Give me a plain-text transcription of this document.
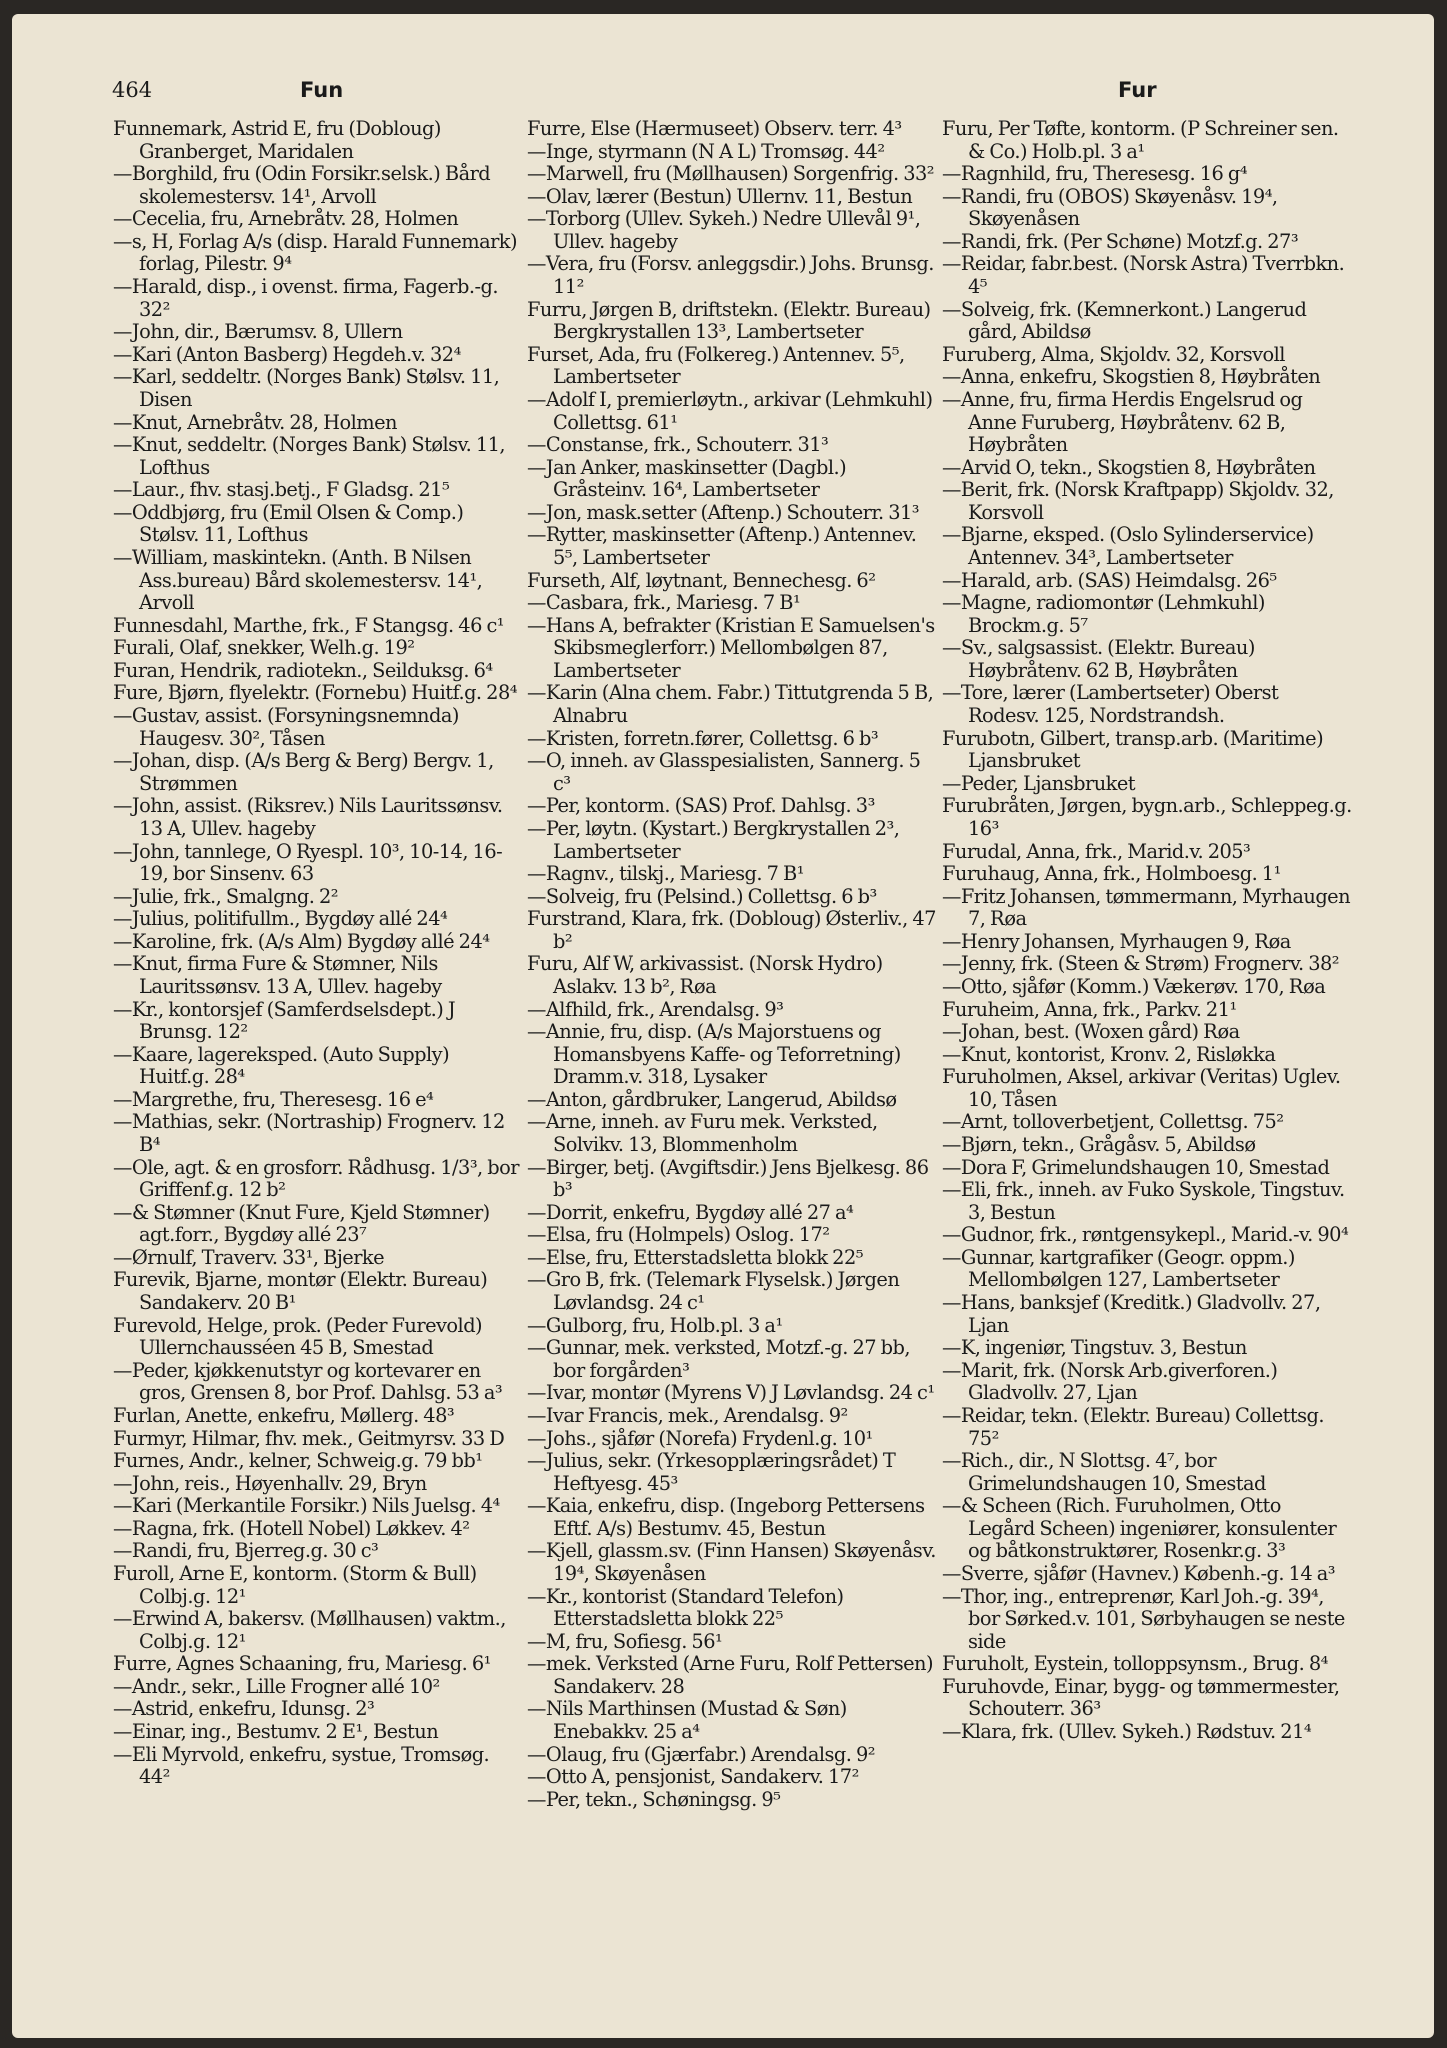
464	Fun	Fur
Funnemark, Astrid E, fru (Dobloug) Granberget, Maridalen
—Borghild, fru (Odin Forsikr.selsk.) Bård skolemestersv. 14¹, Arvoll
—Cecelia, fru, Arnebråtv. 28, Holmen
—s, H, Forlag A/s (disp. Harald Funnemark) forlag, Pilestr. 9⁴
—Harald, disp., i ovenst. firma, Fagerb.-g. 32²
—John, dir., Bærumsv. 8, Ullern
—Kari (Anton Basberg) Hegdeh.v. 32⁴
—Karl, seddeltr. (Norges Bank) Stølsv. 11, Disen
—Knut, Arnebråtv. 28, Holmen
—Knut, seddeltr. (Norges Bank) Stølsv. 11, Lofthus
—Laur., fhv. stasj.betj., F Gladsg. 21⁵
—Oddbjørg, fru (Emil Olsen & Comp.) Stølsv. 11, Lofthus
—William, maskintekn. (Anth. B Nilsen Ass.bureau) Bård skolemestersv. 14¹, Arvoll
Funnesdahl, Marthe, frk., F Stangsg. 46 c¹
Furali, Olaf, snekker, Welh.g. 19²
Furan, Hendrik, radiotekn., Seilduksg. 6⁴
Fure, Bjørn, flyelektr. (Fornebu) Huitf.g. 28⁴
—Gustav, assist. (Forsyningsnemnda) Haugesv. 30², Tåsen
—Johan, disp. (A/s Berg & Berg) Bergv. 1, Strømmen
—John, assist. (Riksrev.) Nils Lauritssønsv. 13 A, Ullev. hageby
—John, tannlege, O Ryespl. 10³, 10-14, 16-19, bor Sinsenv. 63
—Julie, frk., Smalgng. 2²
—Julius, politifullm., Bygdøy allé 24⁴
—Karoline, frk. (A/s Alm) Bygdøy allé 24⁴
—Knut, firma Fure & Stømner, Nils Lauritssønsv. 13 A, Ullev. hageby
—Kr., kontorsjef (Samferdselsdept.) J Brunsg. 12²
—Kaare, lagereksped. (Auto Supply) Huitf.g. 28⁴
—Margrethe, fru, Theresesg. 16 e⁴
—Mathias, sekr. (Nortraship) Frognerv. 12 B⁴
—Ole, agt. & en grosforr. Rådhusg. 1/3³, bor Griffenf.g. 12 b²
—& Stømner (Knut Fure, Kjeld Stømner) agt.forr., Bygdøy allé 23⁷
—Ørnulf, Traverv. 33¹, Bjerke
Furevik, Bjarne, montør (Elektr. Bureau) Sandakerv. 20 B¹
Furevold, Helge, prok. (Peder Furevold) Ullernchausséen 45 B, Smestad
—Peder, kjøkkenutstyr og kortevarer en gros, Grensen 8, bor Prof. Dahlsg. 53 a³
Furlan, Anette, enkefru, Møllerg. 48³
Furmyr, Hilmar, fhv. mek., Geitmyrsv. 33 D
Furnes, Andr., kelner, Schweig.g. 79 bb¹
—John, reis., Høyenhallv. 29, Bryn
—Kari (Merkantile Forsikr.) Nils Juelsg. 4⁴
—Ragna, frk. (Hotell Nobel) Løkkev. 4²
—Randi, fru, Bjerreg.g. 30 c³
Furoll, Arne E, kontorm. (Storm & Bull) Colbj.g. 12¹
—Erwind A, bakersv. (Møllhausen) vaktm., Colbj.g. 12¹
Furre, Agnes Schaaning, fru, Mariesg. 6¹
—Andr., sekr., Lille Frogner allé 10²
—Astrid, enkefru, Idunsg. 2³
—Einar, ing., Bestumv. 2 E¹, Bestun
—Eli Myrvold, enkefru, systue, Tromsøg. 44²
Furre, Else (Hærmuseet) Observ. terr. 4³
—Inge, styrmann (N A L) Tromsøg. 44²
—Marwell, fru (Møllhausen) Sorgenfrig. 33²
—Olav, lærer (Bestun) Ullernv. 11, Bestun
—Torborg (Ullev. Sykeh.) Nedre Ullevål 9¹, Ullev. hageby
—Vera, fru (Forsv. anleggsdir.) Johs. Brunsg. 11²
Furru, Jørgen B, driftstekn. (Elektr. Bureau) Bergkrystallen 13³, Lambertseter
Furset, Ada, fru (Folkereg.) Antennev. 5⁵, Lambertseter
—Adolf I, premierløytn., arkivar (Lehmkuhl) Collettsg. 61¹
—Constanse, frk., Schouterr. 31³
—Jan Anker, maskinsetter (Dagbl.) Gråsteinv. 16⁴, Lambertseter
—Jon, mask.setter (Aftenp.) Schouterr. 31³
—Rytter, maskinsetter (Aftenp.) Antennev. 5⁵, Lambertseter
Furseth, Alf, løytnant, Bennechesg. 6²
—Casbara, frk., Mariesg. 7 B¹
—Hans A, befrakter (Kristian E Samuelsen's Skibsmeglerforr.) Mellombølgen 87, Lambertseter
—Karin (Alna chem. Fabr.) Tittutgrenda 5 B, Alnabru
—Kristen, forretn.fører, Collettsg. 6 b³
—O, inneh. av Glasspesialisten, Sannerg. 5 c³
—Per, kontorm. (SAS) Prof. Dahlsg. 3³
—Per, løytn. (Kystart.) Bergkrystallen 2³, Lambertseter
—Ragnv., tilskj., Mariesg. 7 B¹
—Solveig, fru (Pelsind.) Collettsg. 6 b³
Furstrand, Klara, frk. (Dobloug) Østerliv., 47 b²
Furu, Alf W, arkivassist. (Norsk Hydro) Aslakv. 13 b², Røa
—Alfhild, frk., Arendalsg. 9³
—Annie, fru, disp. (A/s Majorstuens og Homansbyens Kaffe- og Teforretning) Dramm.v. 318, Lysaker
—Anton, gårdbruker, Langerud, Abildsø
—Arne, inneh. av Furu mek. Verksted, Solvikv. 13, Blommenholm
—Birger, betj. (Avgiftsdir.) Jens Bjelkesg. 86 b³
—Dorrit, enkefru, Bygdøy allé 27 a⁴
—Elsa, fru (Holmpels) Oslog. 17²
—Else, fru, Etterstadsletta blokk 22⁵
—Gro B, frk. (Telemark Flyselsk.) Jørgen Løvlandsg. 24 c¹
—Gulborg, fru, Holb.pl. 3 a¹
—Gunnar, mek. verksted, Motzf.-g. 27 bb, bor forgården³
—Ivar, montør (Myrens V) J Løvlandsg. 24 c¹
—Ivar Francis, mek., Arendalsg. 9²
—Johs., sjåfør (Norefa) Frydenl.g. 10¹
—Julius, sekr. (Yrkesopplæringsrådet) T Heftyesg. 45³
—Kaia, enkefru, disp. (Ingeborg Pettersens Eftf. A/s) Bestumv. 45, Bestun
—Kjell, glassm.sv. (Finn Hansen) Skøyenåsv. 19⁴, Skøyenåsen
—Kr., kontorist (Standard Telefon) Etterstadsletta blokk 22⁵
—M, fru, Sofiesg. 56¹
—mek. Verksted (Arne Furu, Rolf Pettersen) Sandakerv. 28
—Nils Marthinsen (Mustad & Søn) Enebakkv. 25 a⁴
—Olaug, fru (Gjærfabr.) Arendalsg. 9²
—Otto A, pensjonist, Sandakerv. 17²
—Per, tekn., Schøningsg. 9⁵
Furu, Per Tøfte, kontorm. (P Schreiner sen. & Co.) Holb.pl. 3 a¹
—Ragnhild, fru, Theresesg. 16 g⁴
—Randi, fru (OBOS) Skøyenåsv. 19⁴, Skøyenåsen
—Randi, frk. (Per Schøne) Motzf.g. 27³
—Reidar, fabr.best. (Norsk Astra) Tverrbkn. 4⁵
—Solveig, frk. (Kemnerkont.) Langerud gård, Abildsø
Furuberg, Alma, Skjoldv. 32, Korsvoll
—Anna, enkefru, Skogstien 8, Høybråten
—Anne, fru, firma Herdis Engelsrud og Anne Furuberg, Høybråtenv. 62 B, Høybråten
—Arvid O, tekn., Skogstien 8, Høybråten
—Berit, frk. (Norsk Kraftpapp) Skjoldv. 32, Korsvoll
—Bjarne, eksped. (Oslo Sylinderservice) Antennev. 34³, Lambertseter
—Harald, arb. (SAS) Heimdalsg. 26⁵
—Magne, radiomontør (Lehmkuhl) Brockm.g. 5⁷
—Sv., salgsassist. (Elektr. Bureau) Høybråtenv. 62 B, Høybråten
—Tore, lærer (Lambertseter) Oberst Rodesv. 125, Nordstrandsh.
Furubotn, Gilbert, transp.arb. (Maritime) Ljansbruket
—Peder, Ljansbruket
Furubråten, Jørgen, bygn.arb., Schleppeg.g. 16³
Furudal, Anna, frk., Marid.v. 205³
Furuhaug, Anna, frk., Holmboesg. 1¹
—Fritz Johansen, tømmermann, Myrhaugen 7, Røa
—Henry Johansen, Myrhaugen 9, Røa
—Jenny, frk. (Steen & Strøm) Frognerv. 38²
—Otto, sjåfør (Komm.) Vækerøv. 170, Røa
Furuheim, Anna, frk., Parkv. 21¹
—Johan, best. (Woxen gård) Røa
—Knut, kontorist, Kronv. 2, Risløkka
Furuholmen, Aksel, arkivar (Veritas) Uglev. 10, Tåsen
—Arnt, tolloverbetjent, Collettsg. 75²
—Bjørn, tekn., Grågåsv. 5, Abildsø
—Dora F, Grimelundshaugen 10, Smestad
—Eli, frk., inneh. av Fuko Syskole, Tingstuv. 3, Bestun
—Gudnor, frk., røntgensykepl., Marid.-v. 90⁴
—Gunnar, kartgrafiker (Geogr. oppm.) Mellombølgen 127, Lambertseter
—Hans, banksjef (Kreditk.) Gladvollv. 27, Ljan
—K, ingeniør, Tingstuv. 3, Bestun
—Marit, frk. (Norsk Arb.giverforen.) Gladvollv. 27, Ljan
—Reidar, tekn. (Elektr. Bureau) Collettsg. 75²
—Rich., dir., N Slottsg. 4⁷, bor Grimelundshaugen 10, Smestad
—& Scheen (Rich. Furuholmen, Otto Legård Scheen) ingeniører, konsulenter og båtkonstruktører, Rosenkr.g. 3³
—Sverre, sjåfør (Havnev.) Københ.-g. 14 a³
—Thor, ing., entreprenør, Karl Joh.-g. 39⁴, bor Sørked.v. 101, Sørbyhaugen se neste side
Furuholt, Eystein, tolloppsynsm., Brug. 8⁴
Furuhovde, Einar, bygg- og tømmermester, Schouterr. 36³
—Klara, frk. (Ullev. Sykeh.) Rødstuv. 21⁴
